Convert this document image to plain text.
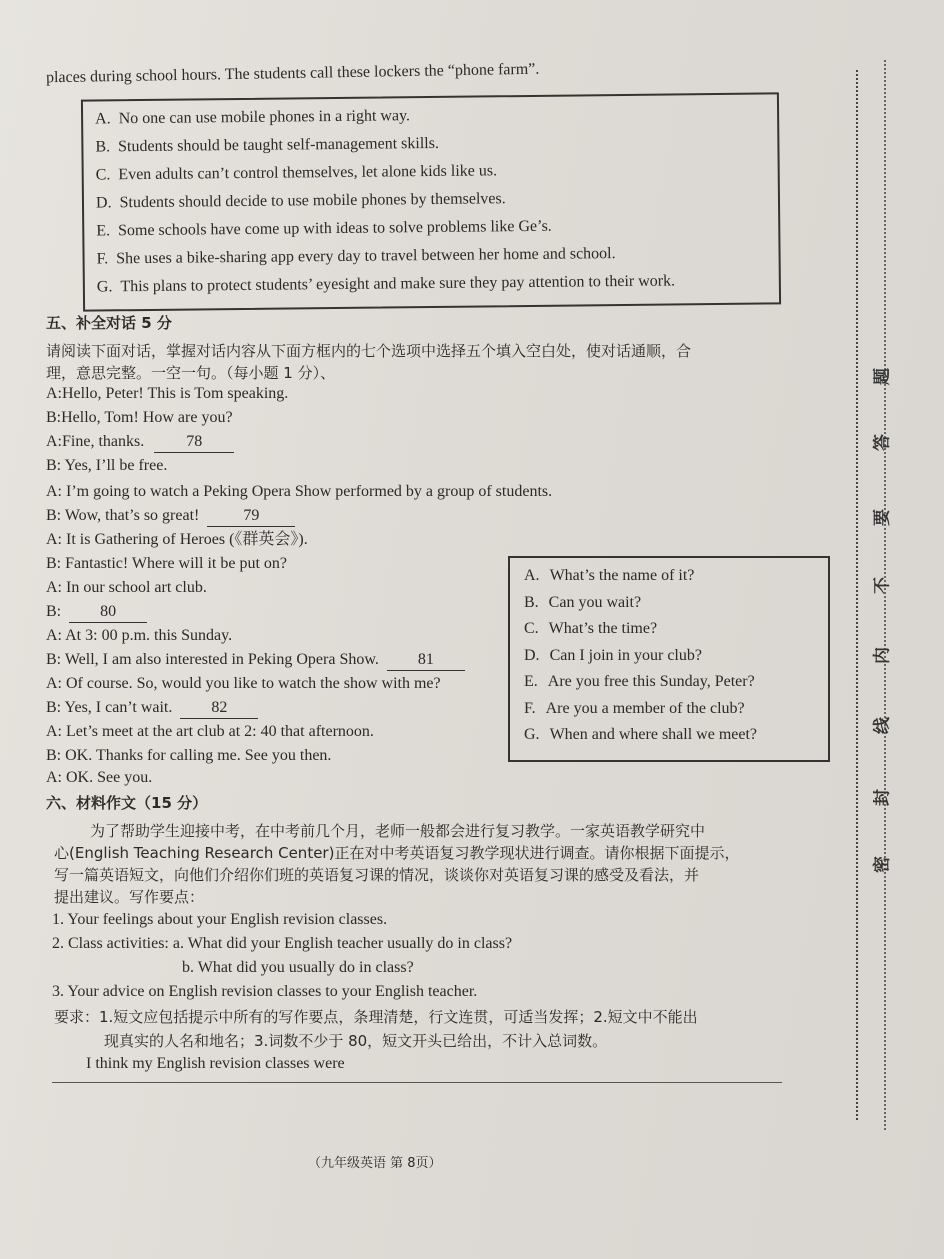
places during school hours. The students call these lockers the “phone farm”.
A. No one can use mobile phones in a right way.
B. Students should be taught self-management skills.
C. Even adults can’t control themselves, let alone kids like us.
D. Students should decide to use mobile phones by themselves.
E. Some schools have come up with ideas to solve problems like Ge’s.
F. She uses a bike-sharing app every day to travel between her home and school.
G. This plans to protect students’ eyesight and make sure they pay attention to their work.
五、补全对话 5 分
请阅读下面对话，掌握对话内容从下面方框内的七个选项中选择五个填入空白处，使对话通顺，合
理，意思完整。一空一句。（每小题 1 分）、
A:Hello, Peter! This is Tom speaking.
B:Hello, Tom! How are you?
A:Fine, thanks.	78
B: Yes, I’ll be free.
A: I’m going to watch a Peking Opera Show performed by a group of students.
B: Wow, that’s so great!	79
A: It is Gathering of Heroes (《群英会》).
B: Fantastic! Where will it be put on?
A: In our school art club.
B: 80
A: At 3: 00 p.m. this Sunday.
B: Well, I am also interested in Peking Opera Show. 81
A: Of course. So, would you like to watch the show with me?
B: Yes, I can’t wait. 82
A: Let’s meet at the art club at 2: 40 that afternoon.
B: OK. Thanks for calling me. See you then.
A: OK. See you.
A. What’s the name of it?
B. Can you wait?
C. What’s the time?
D. Can I join in your club?
E. Are you free this Sunday, Peter?
F. Are you a member of the club?
G. When and where shall we meet?
六、材料作文（15 分）
为了帮助学生迎接中考，在中考前几个月，老师一般都会进行复习教学。一家英语教学研究中
心(English Teaching Research Center)正在对中考英语复习教学现状进行调查。请你根据下面提示，
写一篇英语短文，向他们介绍你们班的英语复习课的情况，谈谈你对英语复习课的感受及看法，并
提出建议。写作要点：
1. Your feelings about your English revision classes.
2. Class activities: a. What did your English teacher usually do in class?
b. What did you usually do in class?
3. Your advice on English revision classes to your English teacher.
要求：1.短文应包括提示中所有的写作要点，条理清楚，行文连贯，可适当发挥；2.短文中不能出
现真实的人名和地名；3.词数不少于 80，短文开头已给出，不计入总词数。
I think my English revision classes were
题
答
要
不
内
线
封
密
（九年级英语 第 8页）
